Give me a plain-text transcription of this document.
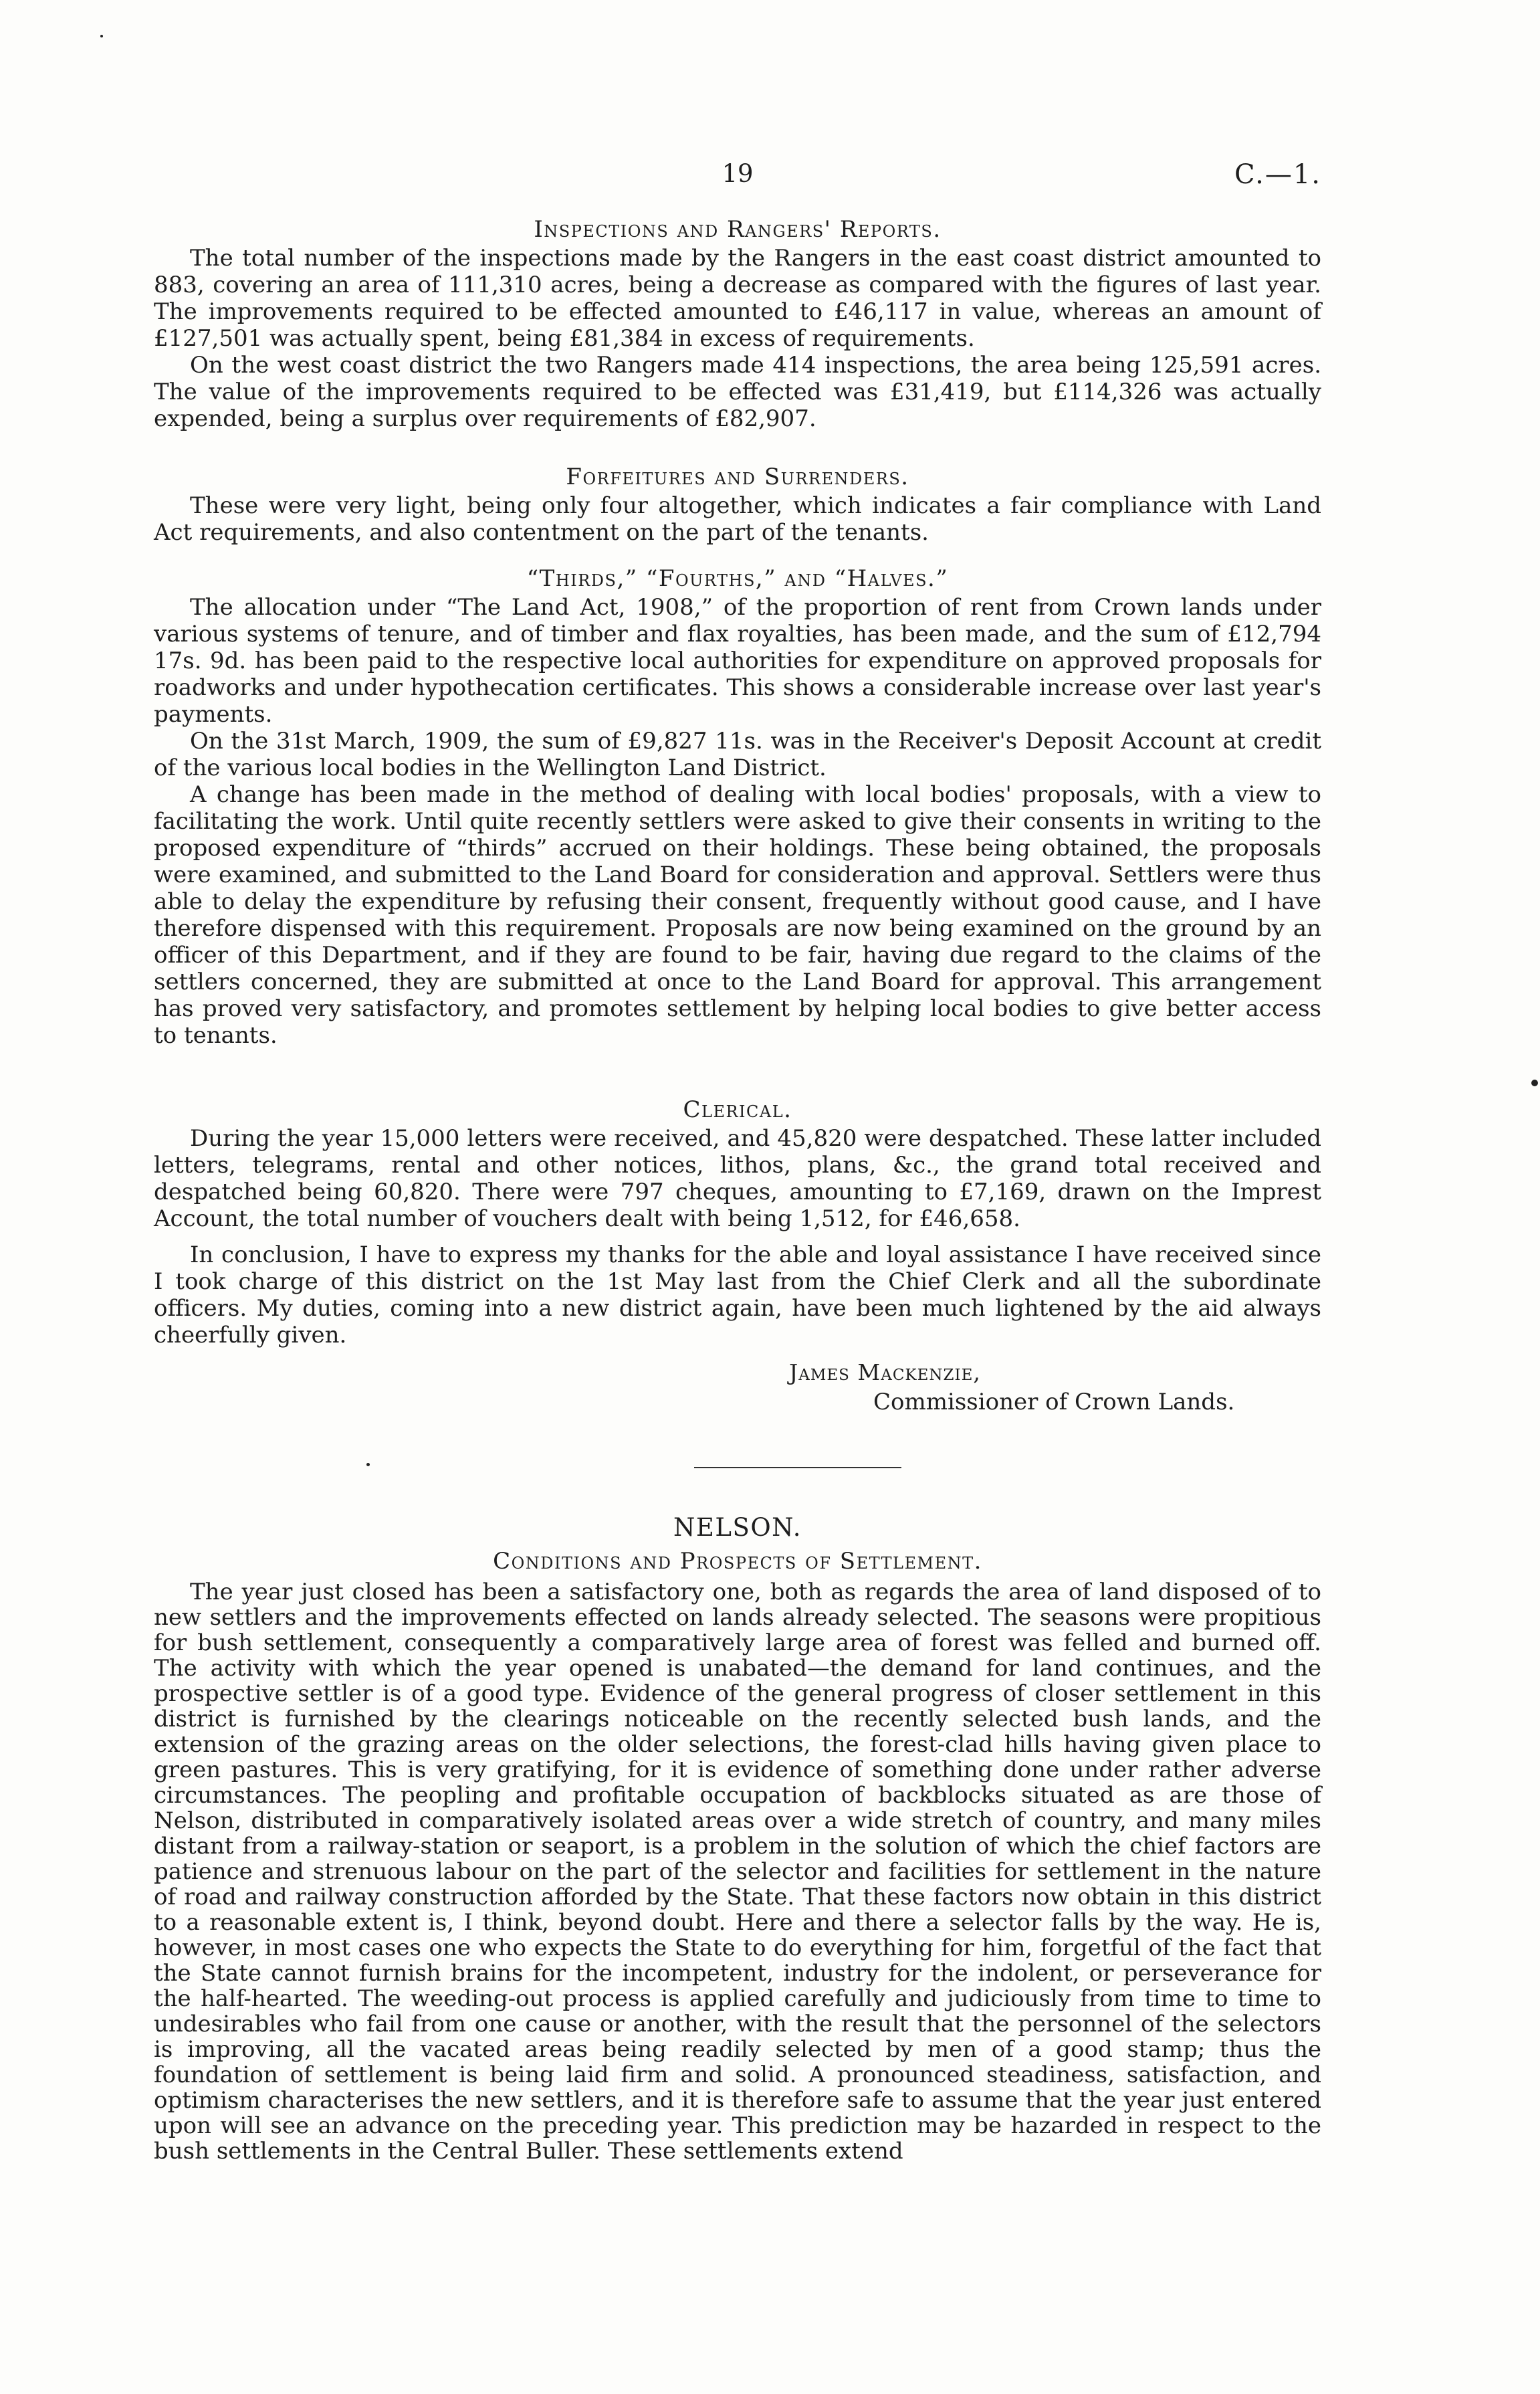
19	C.—1.
Inspections and Rangers' Reports.

The total number of the inspections made by the Rangers in the east coast district amounted to 883, covering an area of 111,310 acres, being a decrease as compared with the figures of last year. The improvements required to be effected amounted to £46,117 in value, whereas an amount of £127,501 was actually spent, being £81,384 in excess of requirements.

On the west coast district the two Rangers made 414 inspections, the area being 125,591 acres. The value of the improvements required to be effected was £31,419, but £114,326 was actually expended, being a surplus over requirements of £82,907.

Forfeitures and Surrenders.

These were very light, being only four altogether, which indicates a fair compliance with Land Act requirements, and also contentment on the part of the tenants.

“Thirds,” “Fourths,” and “Halves.”

The allocation under “The Land Act, 1908,” of the proportion of rent from Crown lands under various systems of tenure, and of timber and flax royalties, has been made, and the sum of £12,794 17s. 9d. has been paid to the respective local authorities for expenditure on approved proposals for roadworks and under hypothecation certificates. This shows a considerable increase over last year's payments.

On the 31st March, 1909, the sum of £9,827 11s. was in the Receiver's Deposit Account at credit of the various local bodies in the Wellington Land District.

A change has been made in the method of dealing with local bodies' proposals, with a view to facilitating the work. Until quite recently settlers were asked to give their consents in writing to the proposed expenditure of “thirds” accrued on their holdings. These being obtained, the proposals were examined, and submitted to the Land Board for consideration and approval. Settlers were thus able to delay the expenditure by refusing their consent, frequently without good cause, and I have therefore dispensed with this requirement. Proposals are now being examined on the ground by an officer of this Department, and if they are found to be fair, having due regard to the claims of the settlers concerned, they are submitted at once to the Land Board for approval. This arrangement has proved very satisfactory, and promotes settlement by helping local bodies to give better access to tenants.

Clerical.

During the year 15,000 letters were received, and 45,820 were despatched. These latter included letters, telegrams, rental and other notices, lithos, plans, &c., the grand total received and despatched being 60,820. There were 797 cheques, amounting to £7,169, drawn on the Imprest Account, the total number of vouchers dealt with being 1,512, for £46,658.

In conclusion, I have to express my thanks for the able and loyal assistance I have received since I took charge of this district on the 1st May last from the Chief Clerk and all the subordinate officers. My duties, coming into a new district again, have been much lightened by the aid always cheerfully given.

James Mackenzie,
Commissioner of Crown Lands.
NELSON.
Conditions and Prospects of Settlement.

The year just closed has been a satisfactory one, both as regards the area of land disposed of to new settlers and the improvements effected on lands already selected. The seasons were propitious for bush settlement, consequently a comparatively large area of forest was felled and burned off. The activity with which the year opened is unabated—the demand for land continues, and the prospective settler is of a good type. Evidence of the general progress of closer settlement in this district is furnished by the clearings noticeable on the recently selected bush lands, and the extension of the grazing areas on the older selections, the forest-clad hills having given place to green pastures. This is very gratifying, for it is evidence of something done under rather adverse circumstances. The peopling and profitable occupation of backblocks situated as are those of Nelson, distributed in comparatively isolated areas over a wide stretch of country, and many miles distant from a railway-station or seaport, is a problem in the solution of which the chief factors are patience and strenuous labour on the part of the selector and facilities for settlement in the nature of road and railway construction afforded by the State. That these factors now obtain in this district to a reasonable extent is, I think, beyond doubt. Here and there a selector falls by the way. He is, however, in most cases one who expects the State to do everything for him, forgetful of the fact that the State cannot furnish brains for the incompetent, industry for the indolent, or perseverance for the half-hearted. The weeding-out process is applied carefully and judiciously from time to time to undesirables who fail from one cause or another, with the result that the personnel of the selectors is improving, all the vacated areas being readily selected by men of a good stamp; thus the foundation of settlement is being laid firm and solid. A pronounced steadiness, satisfaction, and optimism characterises the new settlers, and it is therefore safe to assume that the year just entered upon will see an advance on the preceding year. This prediction may be hazarded in respect to the bush settlements in the Central Buller. These settlements extend
